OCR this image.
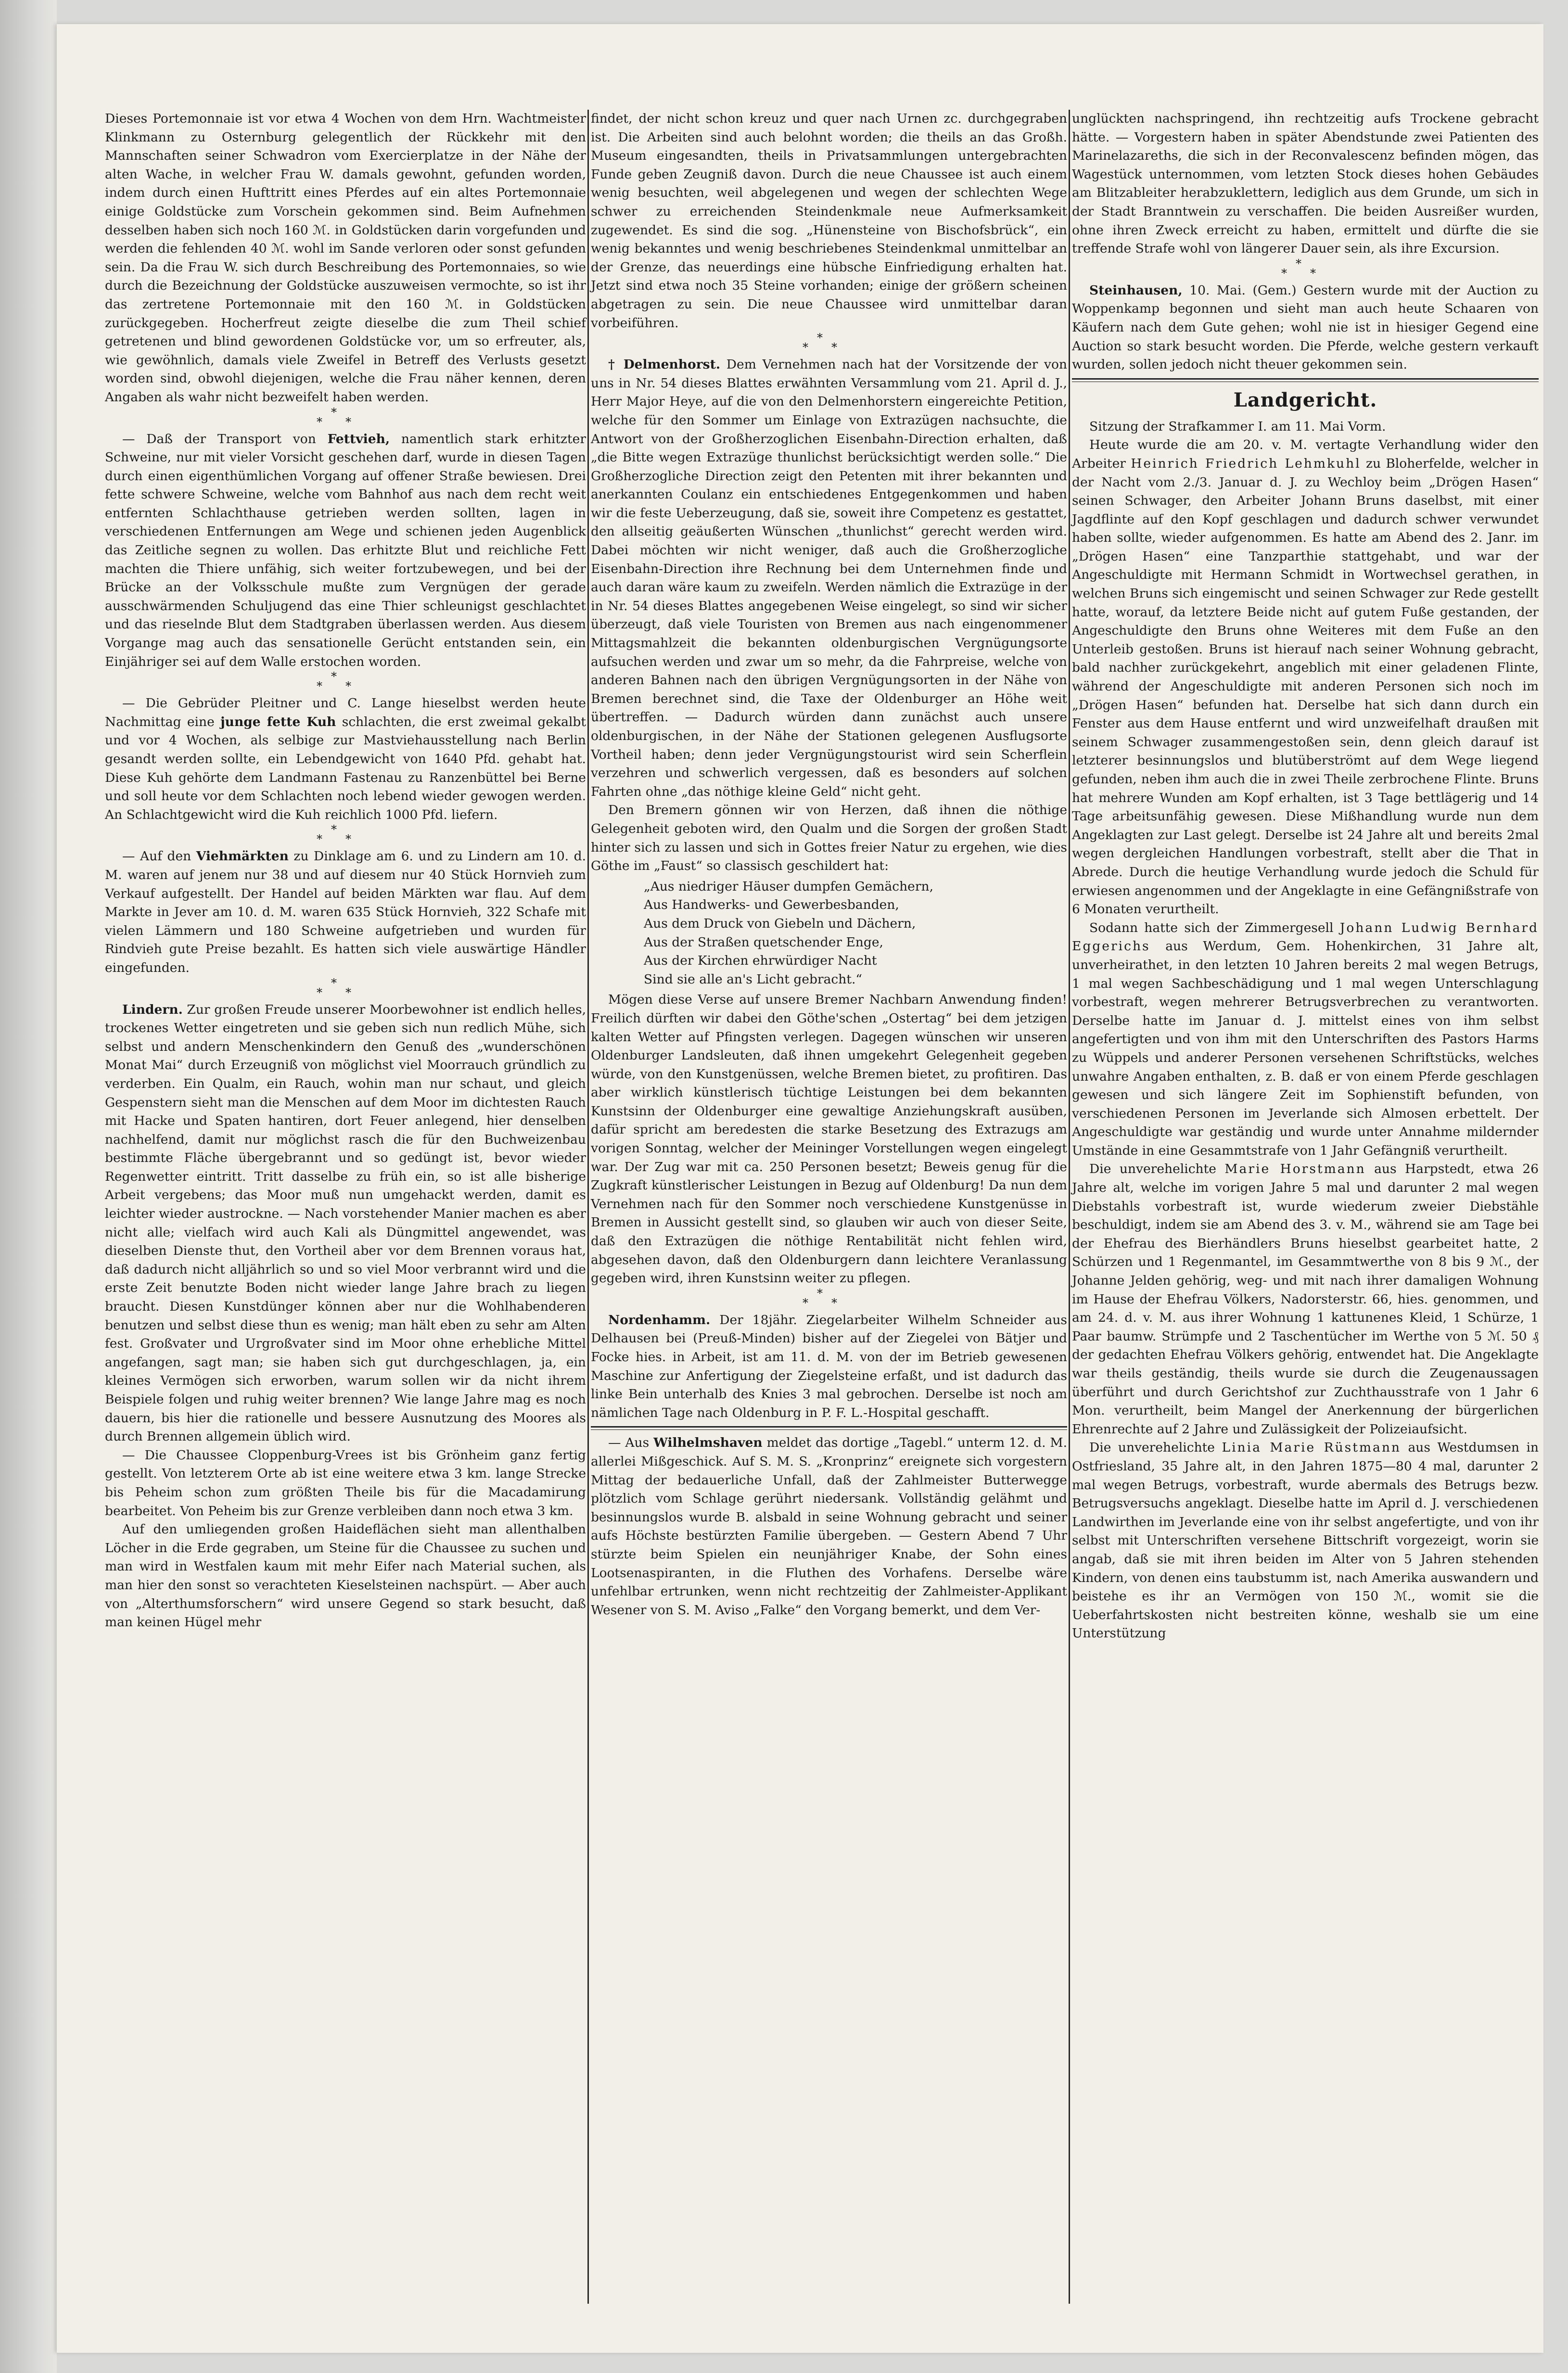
Dieses Portemonnaie ist vor etwa 4 Wochen von dem Hrn. Wachtmeister Klinkmann zu Osternburg gelegentlich der Rückkehr mit den Mannschaften seiner Schwadron vom Exercierplatze in der Nähe der alten Wache, in welcher Frau W. damals gewohnt, gefunden worden, indem durch einen Hufttritt eines Pferdes auf ein altes Portemonnaie einige Goldstücke zum Vorschein gekommen sind. Beim Aufnehmen desselben haben sich noch 160 ℳ. in Goldstücken darin vorgefunden und werden die fehlenden 40 ℳ. wohl im Sande verloren oder sonst gefunden sein. Da die Frau W. sich durch Beschreibung des Portemonnaies, so wie durch die Bezeichnung der Goldstücke auszuweisen vermochte, so ist ihr das zertretene Portemonnaie mit den 160 ℳ. in Goldstücken zurückgegeben. Hocherfreut zeigte dieselbe die zum Theil schief getretenen und blind gewordenen Goldstücke vor, um so erfreuter, als, wie gewöhnlich, damals viele Zweifel in Betreff des Verlusts gesetzt worden sind, obwohl diejenigen, welche die Frau näher kennen, deren Angaben als wahr nicht bezweifelt haben werden.

*
* *

— Daß der Transport von Fettvieh, namentlich stark erhitzter Schweine, nur mit vieler Vorsicht geschehen darf, wurde in diesen Tagen durch einen eigenthümlichen Vorgang auf offener Straße bewiesen. Drei fette schwere Schweine, welche vom Bahnhof aus nach dem recht weit entfernten Schlachthause getrieben werden sollten, lagen in verschiedenen Entfernungen am Wege und schienen jeden Augenblick das Zeitliche segnen zu wollen. Das erhitzte Blut und reichliche Fett machten die Thiere unfähig, sich weiter fortzubewegen, und bei der Brücke an der Volksschule mußte zum Vergnügen der gerade ausschwärmenden Schuljugend das eine Thier schleunigst geschlachtet und das rieselnde Blut dem Stadtgraben überlassen werden. Aus diesem Vorgange mag auch das sensationelle Gerücht entstanden sein, ein Einjähriger sei auf dem Walle erstochen worden.

*
* *

— Die Gebrüder Pleitner und C. Lange hieselbst werden heute Nachmittag eine junge fette Kuh schlachten, die erst zweimal gekalbt und vor 4 Wochen, als selbige zur Mastviehausstellung nach Berlin gesandt werden sollte, ein Lebendgewicht von 1640 Pfd. gehabt hat. Diese Kuh gehörte dem Landmann Fastenau zu Ranzenbüttel bei Berne und soll heute vor dem Schlachten noch lebend wieder gewogen werden. An Schlachtgewicht wird die Kuh reichlich 1000 Pfd. liefern.

*
* *

— Auf den Viehmärkten zu Dinklage am 6. und zu Lindern am 10. d. M. waren auf jenem nur 38 und auf diesem nur 40 Stück Hornvieh zum Verkauf aufgestellt. Der Handel auf beiden Märkten war flau. Auf dem Markte in Jever am 10. d. M. waren 635 Stück Hornvieh, 322 Schafe mit vielen Lämmern und 180 Schweine aufgetrieben und wurden für Rindvieh gute Preise bezahlt. Es hatten sich viele auswärtige Händler eingefunden.

*
* *

Lindern. Zur großen Freude unserer Moorbewohner ist endlich helles, trockenes Wetter eingetreten und sie geben sich nun redlich Mühe, sich selbst und andern Menschenkindern den Genuß des „wunderschönen Monat Mai“ durch Erzeugniß von möglichst viel Moorrauch gründlich zu verderben. Ein Qualm, ein Rauch, wohin man nur schaut, und gleich Gespenstern sieht man die Menschen auf dem Moor im dichtesten Rauch mit Hacke und Spaten hantiren, dort Feuer anlegend, hier denselben nachhelfend, damit nur möglichst rasch die für den Buchweizenbau bestimmte Fläche übergebrannt und so gedüngt ist, bevor wieder Regenwetter eintritt. Tritt dasselbe zu früh ein, so ist alle bisherige Arbeit vergebens; das Moor muß nun umgehackt werden, damit es leichter wieder austrockne. — Nach vorstehender Manier machen es aber nicht alle; vielfach wird auch Kali als Düngmittel angewendet, was dieselben Dienste thut, den Vortheil aber vor dem Brennen voraus hat, daß dadurch nicht alljährlich so und so viel Moor verbrannt wird und die erste Zeit benutzte Boden nicht wieder lange Jahre brach zu liegen braucht. Diesen Kunstdünger können aber nur die Wohlhabenderen benutzen und selbst diese thun es wenig; man hält eben zu sehr am Alten fest. Großvater und Urgroßvater sind im Moor ohne erhebliche Mittel angefangen, sagt man; sie haben sich gut durchgeschlagen, ja, ein kleines Vermögen sich erworben, warum sollen wir da nicht ihrem Beispiele folgen und ruhig weiter brennen? Wie lange Jahre mag es noch dauern, bis hier die rationelle und bessere Ausnutzung des Moores als durch Brennen allgemein üblich wird.

— Die Chaussee Cloppenburg-Vrees ist bis Grönheim ganz fertig gestellt. Von letzterem Orte ab ist eine weitere etwa 3 km. lange Strecke bis Peheim schon zum größten Theile bis für die Macadamirung bearbeitet. Von Peheim bis zur Grenze verbleiben dann noch etwa 3 km.

Auf den umliegenden großen Haideflächen sieht man allenthalben Löcher in die Erde gegraben, um Steine für die Chaussee zu suchen und man wird in Westfalen kaum mit mehr Eifer nach Material suchen, als man hier den sonst so verachteten Kieselsteinen nachspürt. — Aber auch von „Alterthumsforschern“ wird unsere Gegend so stark besucht, daß man keinen Hügel mehr

findet, der nicht schon kreuz und quer nach Urnen zc. durchgegraben ist. Die Arbeiten sind auch belohnt worden; die theils an das Großh. Museum eingesandten, theils in Privatsammlungen untergebrachten Funde geben Zeugniß davon. Durch die neue Chaussee ist auch einem wenig besuchten, weil abgelegenen und wegen der schlechten Wege schwer zu erreichenden Steindenkmale neue Aufmerksamkeit zugewendet. Es sind die sog. „Hünensteine von Bischofsbrück“, ein wenig bekanntes und wenig beschriebenes Steindenkmal unmittelbar an der Grenze, das neuerdings eine hübsche Einfriedigung erhalten hat. Jetzt sind etwa noch 35 Steine vorhanden; einige der größern scheinen abgetragen zu sein. Die neue Chaussee wird unmittelbar daran vorbeiführen.

*
* *

† Delmenhorst. Dem Vernehmen nach hat der Vorsitzende der von uns in Nr. 54 dieses Blattes erwähnten Versammlung vom 21. April d. J., Herr Major Heye, auf die von den Delmenhorstern eingereichte Petition, welche für den Sommer um Einlage von Extrazügen nachsuchte, die Antwort von der Großherzoglichen Eisenbahn-Direction erhalten, daß „die Bitte wegen Extrazüge thunlichst berücksichtigt werden solle.“ Die Großherzogliche Direction zeigt den Petenten mit ihrer bekannten und anerkannten Coulanz ein entschiedenes Entgegenkommen und haben wir die feste Ueberzeugung, daß sie, soweit ihre Competenz es gestattet, den allseitig geäußerten Wünschen „thunlichst“ gerecht werden wird. Dabei möchten wir nicht weniger, daß auch die Großherzogliche Eisenbahn-Direction ihre Rechnung bei dem Unternehmen finde und auch daran wäre kaum zu zweifeln. Werden nämlich die Extrazüge in der in Nr. 54 dieses Blattes angegebenen Weise eingelegt, so sind wir sicher überzeugt, daß viele Touristen von Bremen aus nach eingenommener Mittagsmahlzeit die bekannten oldenburgischen Vergnügungsorte aufsuchen werden und zwar um so mehr, da die Fahrpreise, welche von anderen Bahnen nach den übrigen Vergnügungsorten in der Nähe von Bremen berechnet sind, die Taxe der Oldenburger an Höhe weit übertreffen. — Dadurch würden dann zunächst auch unsere oldenburgischen, in der Nähe der Stationen gelegenen Ausflugsorte Vortheil haben; denn jeder Vergnügungstourist wird sein Scherflein verzehren und schwerlich vergessen, daß es besonders auf solchen Fahrten ohne „das nöthige kleine Geld“ nicht geht.

Den Bremern gönnen wir von Herzen, daß ihnen die nöthige Gelegenheit geboten wird, den Qualm und die Sorgen der großen Stadt hinter sich zu lassen und sich in Gottes freier Natur zu ergehen, wie dies Göthe im „Faust“ so classisch geschildert hat:

„Aus niedriger Häuser dumpfen Gemächern,
Aus Handwerks- und Gewerbesbanden,
Aus dem Druck von Giebeln und Dächern,
Aus der Straßen quetschender Enge,
Aus der Kirchen ehrwürdiger Nacht
Sind sie alle an's Licht gebracht.“

Mögen diese Verse auf unsere Bremer Nachbarn Anwendung finden! Freilich dürften wir dabei den Göthe'schen „Ostertag“ bei dem jetzigen kalten Wetter auf Pfingsten verlegen. Dagegen wünschen wir unseren Oldenburger Landsleuten, daß ihnen umgekehrt Gelegenheit gegeben würde, von den Kunstgenüssen, welche Bremen bietet, zu profitiren. Das aber wirklich künstlerisch tüchtige Leistungen bei dem bekannten Kunstsinn der Oldenburger eine gewaltige Anziehungskraft ausüben, dafür spricht am beredesten die starke Besetzung des Extrazugs am vorigen Sonntag, welcher der Meininger Vorstellungen wegen eingelegt war. Der Zug war mit ca. 250 Personen besetzt; Beweis genug für die Zugkraft künstlerischer Leistungen in Bezug auf Oldenburg! Da nun dem Vernehmen nach für den Sommer noch verschiedene Kunstgenüsse in Bremen in Aussicht gestellt sind, so glauben wir auch von dieser Seite, daß den Extrazügen die nöthige Rentabilität nicht fehlen wird, abgesehen davon, daß den Oldenburgern dann leichtere Veranlassung gegeben wird, ihren Kunstsinn weiter zu pflegen.

*
* *

Nordenhamm. Der 18jähr. Ziegelarbeiter Wilhelm Schneider aus Delhausen bei (Preuß-Minden) bisher auf der Ziegelei von Bätjer und Focke hies. in Arbeit, ist am 11. d. M. von der im Betrieb gewesenen Maschine zur Anfertigung der Ziegelsteine erfaßt, und ist dadurch das linke Bein unterhalb des Knies 3 mal gebrochen. Derselbe ist noch am nämlichen Tage nach Oldenburg in P. F. L.-Hospital geschafft.

— Aus Wilhelmshaven meldet das dortige „Tagebl.“ unterm 12. d. M. allerlei Mißgeschick. Auf S. M. S. „Kronprinz“ ereignete sich vorgestern Mittag der bedauerliche Unfall, daß der Zahlmeister Butterwegge plötzlich vom Schlage gerührt niedersank. Vollständig gelähmt und besinnungslos wurde B. alsbald in seine Wohnung gebracht und seiner aufs Höchste bestürzten Familie übergeben. — Gestern Abend 7 Uhr stürzte beim Spielen ein neunjähriger Knabe, der Sohn eines Lootsenaspiranten, in die Fluthen des Vorhafens. Derselbe wäre unfehlbar ertrunken, wenn nicht rechtzeitig der Zahlmeister-Applikant Wesener von S. M. Aviso „Falke“ den Vorgang bemerkt, und dem Ver-

unglückten nachspringend, ihn rechtzeitig aufs Trockene gebracht hätte. — Vorgestern haben in später Abendstunde zwei Patienten des Marinelazareths, die sich in der Reconvalescenz befinden mögen, das Wagestück unternommen, vom letzten Stock dieses hohen Gebäudes am Blitzableiter herabzuklettern, lediglich aus dem Grunde, um sich in der Stadt Branntwein zu verschaffen. Die beiden Ausreißer wurden, ohne ihren Zweck erreicht zu haben, ermittelt und dürfte die sie treffende Strafe wohl von längerer Dauer sein, als ihre Excursion.

*
* *

Steinhausen, 10. Mai. (Gem.) Gestern wurde mit der Auction zu Woppenkamp begonnen und sieht man auch heute Schaaren von Käufern nach dem Gute gehen; wohl nie ist in hiesiger Gegend eine Auction so stark besucht worden. Die Pferde, welche gestern verkauft wurden, sollen jedoch nicht theuer gekommen sein.

Landgericht.

Sitzung der Strafkammer I. am 11. Mai Vorm.

Heute wurde die am 20. v. M. vertagte Verhandlung wider den Arbeiter Heinrich Friedrich Lehmkuhl zu Bloherfelde, welcher in der Nacht vom 2./3. Januar d. J. zu Wechloy beim „Drögen Hasen“ seinen Schwager, den Arbeiter Johann Bruns daselbst, mit einer Jagdflinte auf den Kopf geschlagen und dadurch schwer verwundet haben sollte, wieder aufgenommen. Es hatte am Abend des 2. Janr. im „Drögen Hasen“ eine Tanzparthie stattgehabt, und war der Angeschuldigte mit Hermann Schmidt in Wortwechsel gerathen, in welchen Bruns sich eingemischt und seinen Schwager zur Rede gestellt hatte, worauf, da letztere Beide nicht auf gutem Fuße gestanden, der Angeschuldigte den Bruns ohne Weiteres mit dem Fuße an den Unterleib gestoßen. Bruns ist hierauf nach seiner Wohnung gebracht, bald nachher zurückgekehrt, angeblich mit einer geladenen Flinte, während der Angeschuldigte mit anderen Personen sich noch im „Drögen Hasen“ befunden hat. Derselbe hat sich dann durch ein Fenster aus dem Hause entfernt und wird unzweifelhaft draußen mit seinem Schwager zusammengestoßen sein, denn gleich darauf ist letzterer besinnungslos und blutüberströmt auf dem Wege liegend gefunden, neben ihm auch die in zwei Theile zerbrochene Flinte. Bruns hat mehrere Wunden am Kopf erhalten, ist 3 Tage bettlägerig und 14 Tage arbeitsunfähig gewesen. Diese Mißhandlung wurde nun dem Angeklagten zur Last gelegt. Derselbe ist 24 Jahre alt und bereits 2mal wegen dergleichen Handlungen vorbestraft, stellt aber die That in Abrede. Durch die heutige Verhandlung wurde jedoch die Schuld für erwiesen angenommen und der Angeklagte in eine Gefängnißstrafe von 6 Monaten verurtheilt.

Sodann hatte sich der Zimmergesell Johann Ludwig Bernhard Eggerichs aus Werdum, Gem. Hohenkirchen, 31 Jahre alt, unverheirathet, in den letzten 10 Jahren bereits 2 mal wegen Betrugs, 1 mal wegen Sachbeschädigung und 1 mal wegen Unterschlagung vorbestraft, wegen mehrerer Betrugsverbrechen zu verantworten. Derselbe hatte im Januar d. J. mittelst eines von ihm selbst angefertigten und von ihm mit den Unterschriften des Pastors Harms zu Wüppels und anderer Personen versehenen Schriftstücks, welches unwahre Angaben enthalten, z. B. daß er von einem Pferde geschlagen gewesen und sich längere Zeit im Sophienstift befunden, von verschiedenen Personen im Jeverlande sich Almosen erbettelt. Der Angeschuldigte war geständig und wurde unter Annahme mildernder Umstände in eine Gesammtstrafe von 1 Jahr Gefängniß verurtheilt.

Die unverehelichte Marie Horstmann aus Harpstedt, etwa 26 Jahre alt, welche im vorigen Jahre 5 mal und darunter 2 mal wegen Diebstahls vorbestraft ist, wurde wiederum zweier Diebstähle beschuldigt, indem sie am Abend des 3. v. M., während sie am Tage bei der Ehefrau des Bierhändlers Bruns hieselbst gearbeitet hatte, 2 Schürzen und 1 Regenmantel, im Gesammtwerthe von 8 bis 9 ℳ., der Johanne Jelden gehörig, weg- und mit nach ihrer damaligen Wohnung im Hause der Ehefrau Völkers, Nadorsterstr. 66, hies. genommen, und am 24. d. v. M. aus ihrer Wohnung 1 kattunenes Kleid, 1 Schürze, 1 Paar baumw. Strümpfe und 2 Taschentücher im Werthe von 5 ℳ. 50 ₰ der gedachten Ehefrau Völkers gehörig, entwendet hat. Die Angeklagte war theils geständig, theils wurde sie durch die Zeugenaussagen überführt und durch Gerichtshof zur Zuchthausstrafe von 1 Jahr 6 Mon. verurtheilt, beim Mangel der Anerkennung der bürgerlichen Ehrenrechte auf 2 Jahre und Zulässigkeit der Polizeiaufsicht.

Die unverehelichte Linia Marie Rüstmann aus Westdumsen in Ostfriesland, 35 Jahre alt, in den Jahren 1875—80 4 mal, darunter 2 mal wegen Betrugs, vorbestraft, wurde abermals des Betrugs bezw. Betrugsversuchs angeklagt. Dieselbe hatte im April d. J. verschiedenen Landwirthen im Jeverlande eine von ihr selbst angefertigte, und von ihr selbst mit Unterschriften versehene Bittschrift vorgezeigt, worin sie angab, daß sie mit ihren beiden im Alter von 5 Jahren stehenden Kindern, von denen eins taubstumm ist, nach Amerika auswandern und beistehe es ihr an Vermögen von 150 ℳ., womit sie die Ueberfahrtskosten nicht bestreiten könne, weshalb sie um eine Unterstützung
